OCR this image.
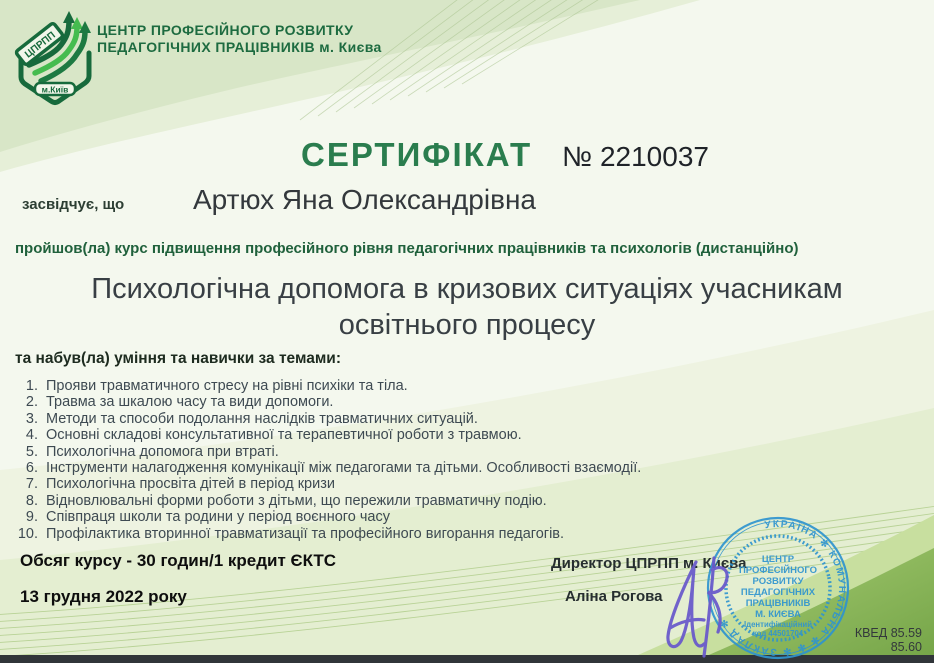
ЦПРПП
м.Київ
ЦЕНТР ПРОФЕСІЙНОГО РОЗВИТКУ
ПЕДАГОГІЧНИХ ПРАЦІВНИКІВ м. Києва
СЕРТИФІКАТ № 2210037
засвідчує, що Артюх Яна Олександрівна
пройшов(ла) курс підвищення професійного рівня педагогічних працівників та психологів (дистанційно)
Психологічна допомога в кризових ситуаціях учасникам
освітнього процесу
та набув(ла) уміння та навички за темами:
Прояви травматичного стресу на рівні психіки та тіла.
Травма за шкалою часу та види допомоги.
Методи та способи подолання наслідків травматичних ситуацій.
Основні складові консультативної та терапевтичної роботи з травмою.
Психологічна допомога при втраті.
Інструменти налагодження комунікації між педагогами та дітьми. Особливості взаємодії.
Психологічна просвіта дітей в період кризи
Відновлювальні форми роботи з дітьми, що пережили травматичну подію.
Співпраця школи та родини у період воєнного часу
Профілактика вторинної травматизації та професійного вигорання педагогів.
Обсяг курсу - 30 годин/1 кредит ЄКТС
13 грудня 2022 року
Директор ЦПРПП м. Києва
Аліна Рогова
УКРАЇНА ✻ КОМУНАЛЬНА ✻ ✻ ✻ ЗАКЛАД ✻
ЦЕНТР
ПРОФЕСІЙНОГО
РОЗВИТКУ
ПЕДАГОГІЧНИХ
ПРАЦІВНИКІВ
М. КИЄВА
Ідентифікаційний
код 44501704	КВЕД 85.59
85.60
